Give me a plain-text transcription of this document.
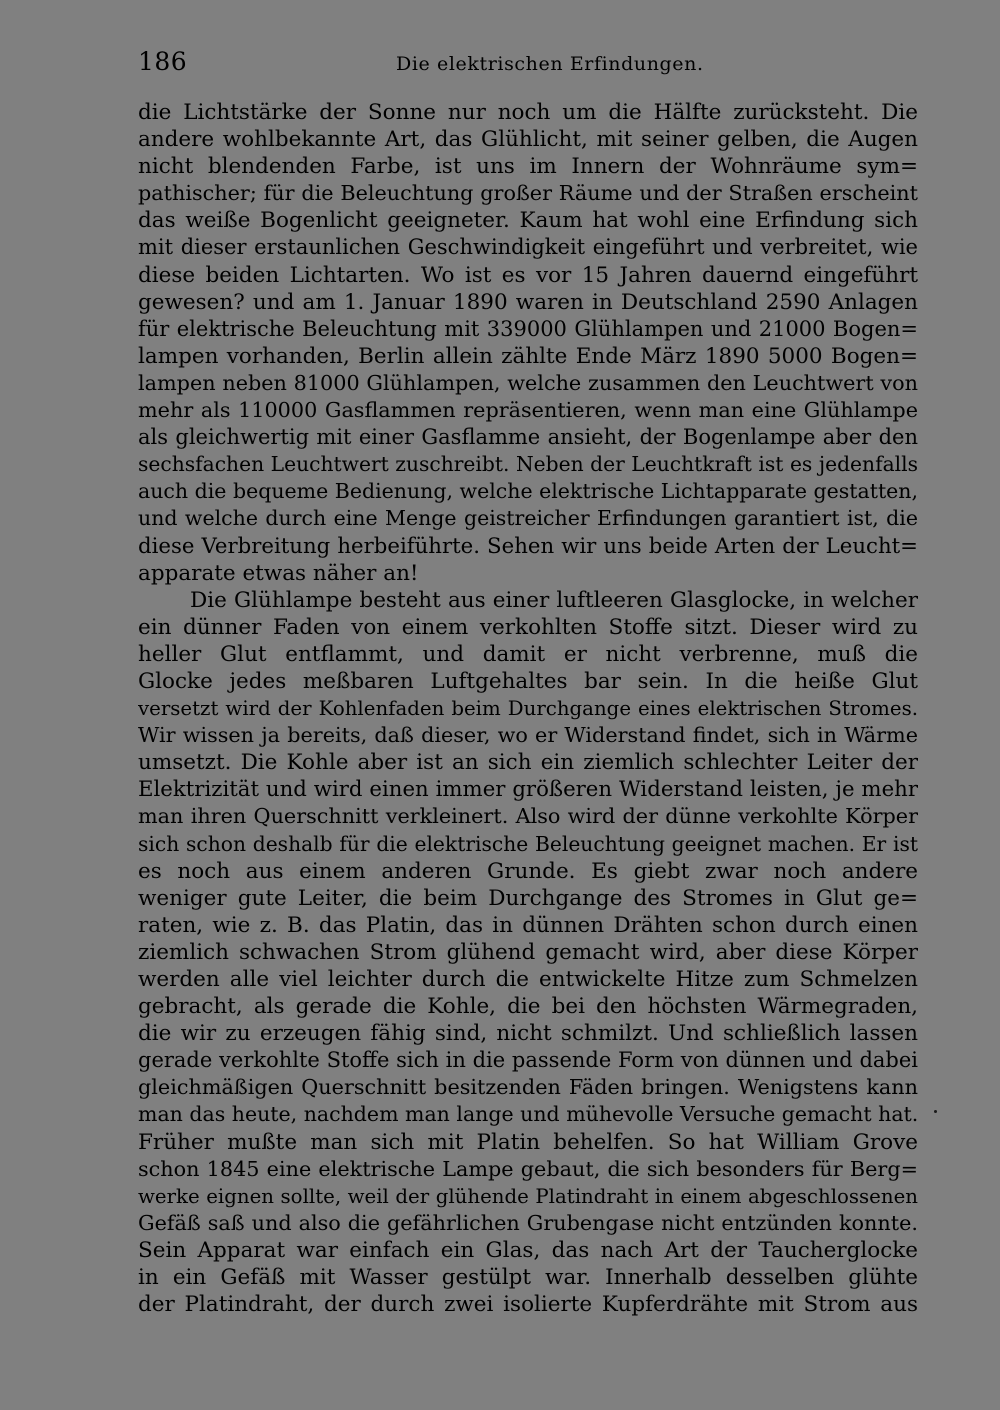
186	Die elektrischen Erfindungen.
die Lichtstärke der Sonne nur noch um die Hälfte zurücksteht. Die
andere wohlbekannte Art, das Glühlicht, mit seiner gelben, die Augen
nicht blendenden Farbe, ist uns im Innern der Wohnräume sym=
pathischer; für die Beleuchtung großer Räume und der Straßen erscheint
das weiße Bogenlicht geeigneter. Kaum hat wohl eine Erfindung sich
mit dieser erstaunlichen Geschwindigkeit eingeführt und verbreitet, wie
diese beiden Lichtarten. Wo ist es vor 15 Jahren dauernd eingeführt
gewesen? und am 1. Januar 1890 waren in Deutschland 2590 Anlagen
für elektrische Beleuchtung mit 339000 Glühlampen und 21000 Bogen=
lampen vorhanden, Berlin allein zählte Ende März 1890 5000 Bogen=
lampen neben 81000 Glühlampen, welche zusammen den Leuchtwert von
mehr als 110000 Gasflammen repräsentieren, wenn man eine Glühlampe
als gleichwertig mit einer Gasflamme ansieht, der Bogenlampe aber den
sechsfachen Leuchtwert zuschreibt. Neben der Leuchtkraft ist es jedenfalls
auch die bequeme Bedienung, welche elektrische Lichtapparate gestatten,
und welche durch eine Menge geistreicher Erfindungen garantiert ist, die
diese Verbreitung herbeiführte. Sehen wir uns beide Arten der Leucht=
apparate etwas näher an!
Die Glühlampe besteht aus einer luftleeren Glasglocke, in welcher
ein dünner Faden von einem verkohlten Stoffe sitzt. Dieser wird zu
heller Glut entflammt, und damit er nicht verbrenne, muß die
Glocke jedes meßbaren Luftgehaltes bar sein. In die heiße Glut
versetzt wird der Kohlenfaden beim Durchgange eines elektrischen Stromes.
Wir wissen ja bereits, daß dieser, wo er Widerstand findet, sich in Wärme
umsetzt. Die Kohle aber ist an sich ein ziemlich schlechter Leiter der
Elektrizität und wird einen immer größeren Widerstand leisten, je mehr
man ihren Querschnitt verkleinert. Also wird der dünne verkohlte Körper
sich schon deshalb für die elektrische Beleuchtung geeignet machen. Er ist
es noch aus einem anderen Grunde. Es giebt zwar noch andere
weniger gute Leiter, die beim Durchgange des Stromes in Glut ge=
raten, wie z. B. das Platin, das in dünnen Drähten schon durch einen
ziemlich schwachen Strom glühend gemacht wird, aber diese Körper
werden alle viel leichter durch die entwickelte Hitze zum Schmelzen
gebracht, als gerade die Kohle, die bei den höchsten Wärmegraden,
die wir zu erzeugen fähig sind, nicht schmilzt. Und schließlich lassen
gerade verkohlte Stoffe sich in die passende Form von dünnen und dabei
gleichmäßigen Querschnitt besitzenden Fäden bringen. Wenigstens kann
man das heute, nachdem man lange und mühevolle Versuche gemacht hat.
Früher mußte man sich mit Platin behelfen. So hat William Grove
schon 1845 eine elektrische Lampe gebaut, die sich besonders für Berg=
werke eignen sollte, weil der glühende Platindraht in einem abgeschlossenen
Gefäß saß und also die gefährlichen Grubengase nicht entzünden konnte.
Sein Apparat war einfach ein Glas, das nach Art der Taucherglocke
in ein Gefäß mit Wasser gestülpt war. Innerhalb desselben glühte
der Platindraht, der durch zwei isolierte Kupferdrähte mit Strom aus
